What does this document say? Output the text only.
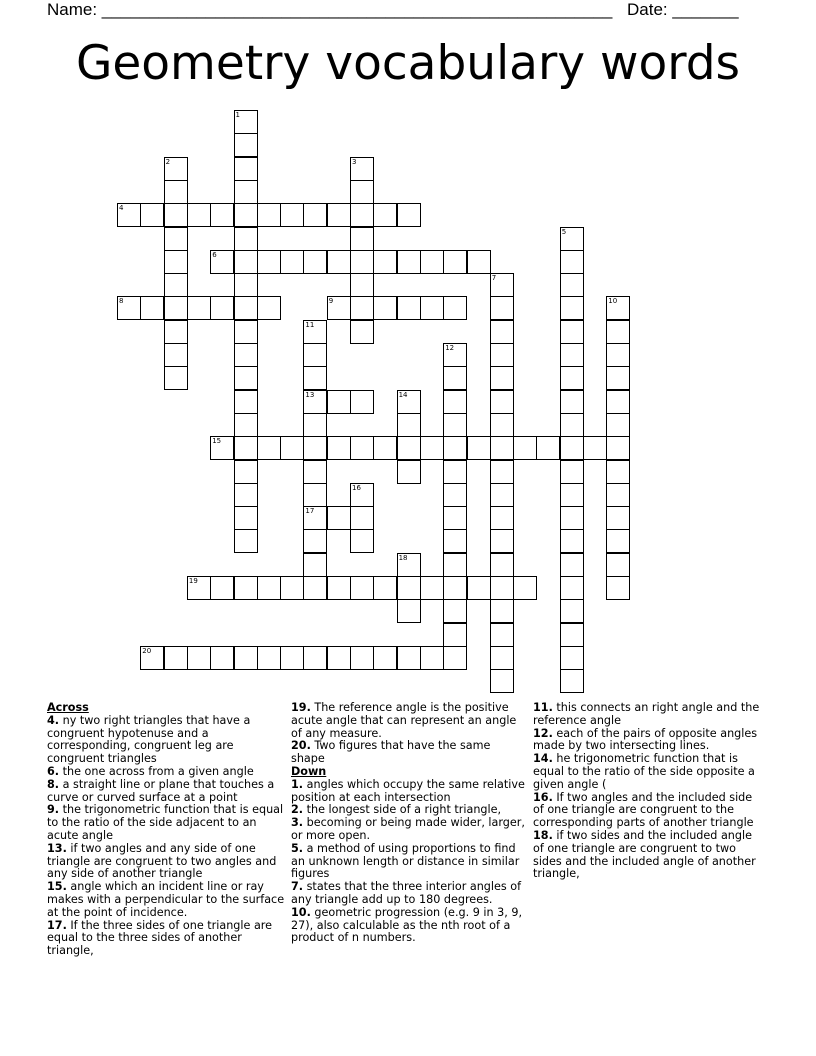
Name: ______________________________________________________ Date: _______
Geometry vocabulary words
1
2	3
4
5
6
7
8	9	10
11
13
17
12
14
15
16
18
19
20
Across
4. ny two right triangles that have a congruent hypotenuse and a corresponding, congruent leg are congruent triangles
6. the one across from a given angle
8. a straight line or plane that touches a curve or curved surface at a point
9. the trigonometric function that is equal to the ratio of the side adjacent to an acute angle
13. if two angles and any side of one triangle are congruent to two angles and any side of another triangle
15. angle which an incident line or ray makes with a perpendicular to the surface at the point of incidence.
17. If the three sides of one triangle are equal to the three sides of another triangle,
19. The reference angle is the positive acute angle that can represent an angle of any measure.
20. Two figures that have the same shape
Down
1. angles which occupy the same relative position at each intersection
2. the longest side of a right triangle,
3. becoming or being made wider, larger, or more open.
5. a method of using proportions to find an unknown length or distance in similar figures
7. states that the three interior angles of any triangle add up to 180 degrees.
10. geometric progression (e.g. 9 in 3, 9, 27), also calculable as the nth root of a product of n numbers.
11. this connects an right angle and the reference angle
12. each of the pairs of opposite angles made by two intersecting lines.
14. he trigonometric function that is equal to the ratio of the side opposite a given angle (
16. If two angles and the included side of one triangle are congruent to the corresponding parts of another triangle
18. if two sides and the included angle of one triangle are congruent to two sides and the included angle of another triangle,
